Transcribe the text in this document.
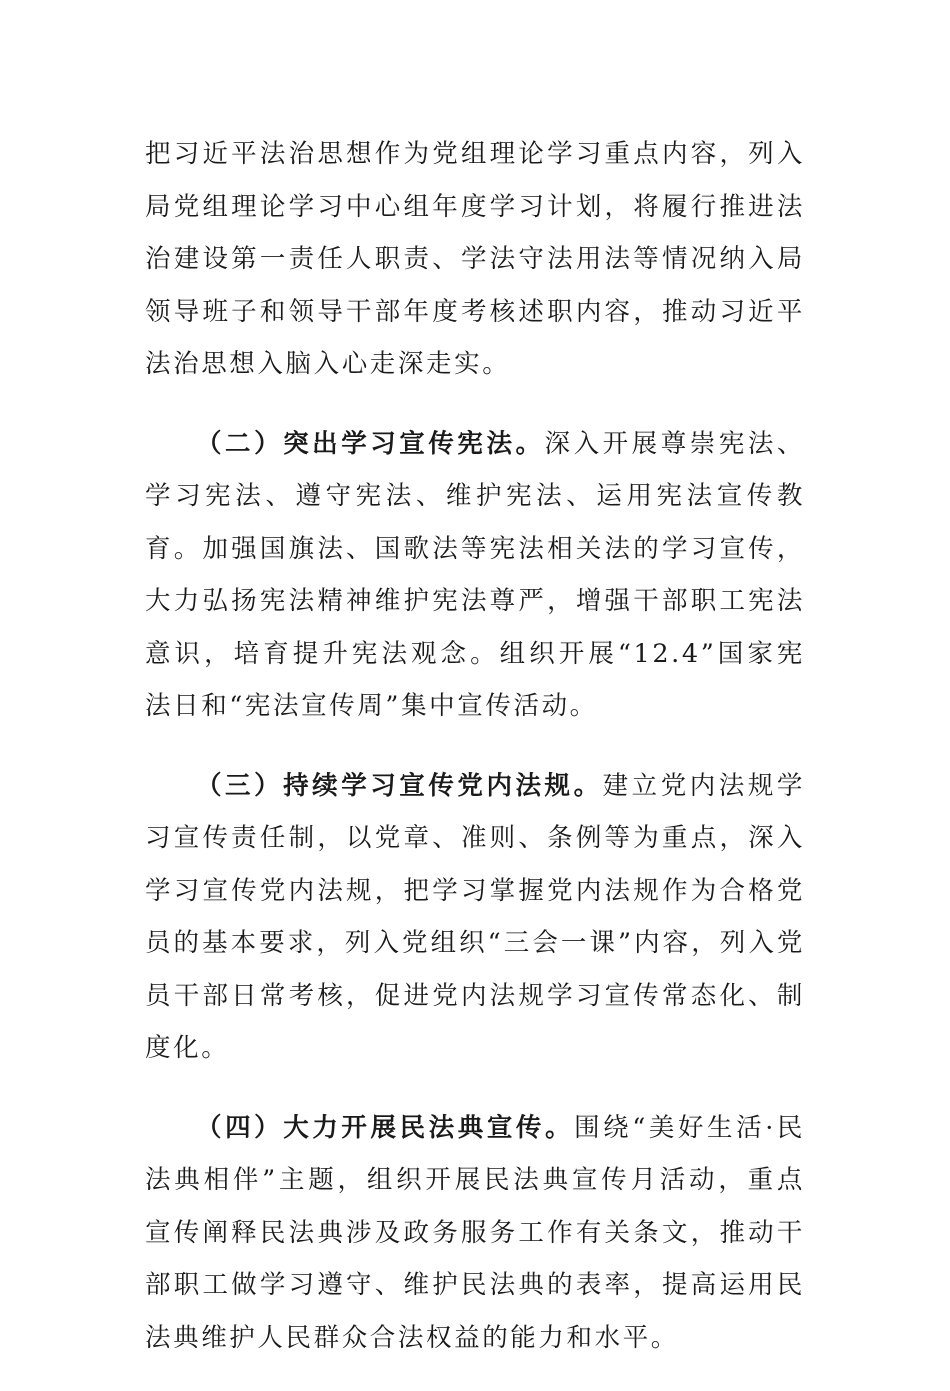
把习近平法治思想作为党组理论学习重点内容，列入局党组理论学习中心组年度学习计划，将履行推进法治建设第一责任人职责、学法守法用法等情况纳入局领导班子和领导干部年度考核述职内容，推动习近平法治思想入脑入心走深走实。

（二）突出学习宣传宪法。深入开展尊崇宪法、学习宪法、遵守宪法、维护宪法、运用宪法宣传教育。加强国旗法、国歌法等宪法相关法的学习宣传，大力弘扬宪法精神维护宪法尊严，增强干部职工宪法意识，培育提升宪法观念。组织开展“12.4”国家宪法日和“宪法宣传周”集中宣传活动。

（三）持续学习宣传党内法规。建立党内法规学习宣传责任制，以党章、准则、条例等为重点，深入学习宣传党内法规，把学习掌握党内法规作为合格党员的基本要求，列入党组织“三会一课”内容，列入党员干部日常考核，促进党内法规学习宣传常态化、制度化。

（四）大力开展民法典宣传。围绕“美好生活·民法典相伴”主题，组织开展民法典宣传月活动，重点宣传阐释民法典涉及政务服务工作有关条文，推动干部职工做学习遵守、维护民法典的表率，提高运用民法典维护人民群众合法权益的能力和水平。
